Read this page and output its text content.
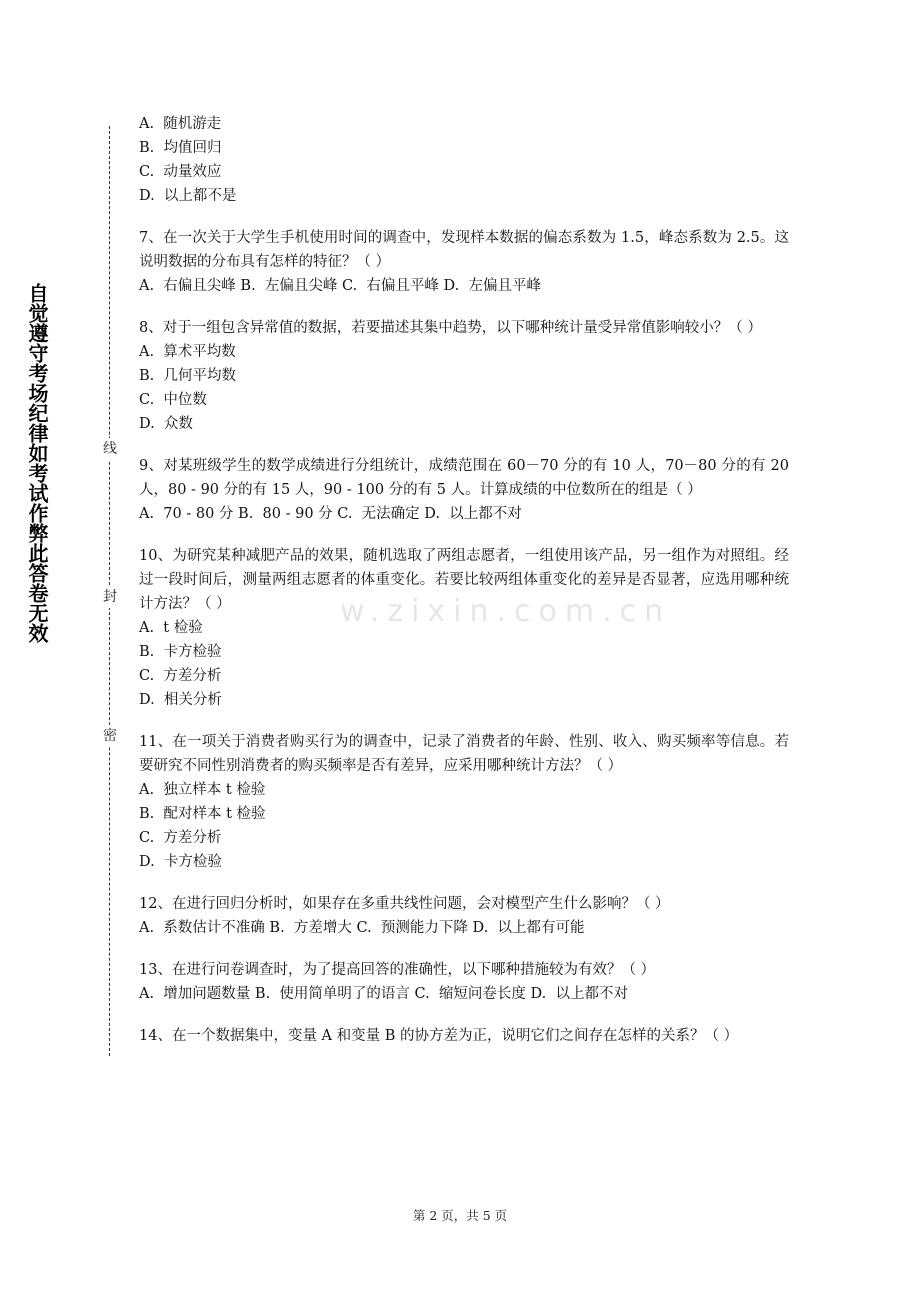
自觉遵守考场纪律如考试作弊此答卷无效	线
封
密
w.zixin.com.cn
A.  随机游走
B.  均值回归
C.  动量效应
D.  以上都不是
7、在一次关于大学生手机使用时间的调查中，发现样本数据的偏态系数为 1.5，峰态系数为 2.5。这说明数据的分布具有怎样的特征？（ ）
A.  右偏且尖峰 B.  左偏且尖峰 C.  右偏且平峰 D.  左偏且平峰
8、对于一组包含异常值的数据，若要描述其集中趋势，以下哪种统计量受异常值影响较小？（ ）
A.  算术平均数
B.  几何平均数
C.  中位数
D.  众数
9、对某班级学生的数学成绩进行分组统计，成绩范围在 60－70 分的有 10 人，70－80 分的有 20 人，80 - 90 分的有 15 人，90 - 100 分的有 5 人。计算成绩的中位数所在的组是（ ）
A.  70 - 80 分 B.  80 - 90 分 C.  无法确定 D.  以上都不对
10、为研究某种减肥产品的效果，随机选取了两组志愿者，一组使用该产品，另一组作为对照组。经过一段时间后，测量两组志愿者的体重变化。若要比较两组体重变化的差异是否显著，应选用哪种统计方法？（ ）
A.  t 检验
B.  卡方检验
C.  方差分析
D.  相关分析
11、在一项关于消费者购买行为的调查中，记录了消费者的年龄、性别、收入、购买频率等信息。若要研究不同性别消费者的购买频率是否有差异，应采用哪种统计方法？（ ）
A.  独立样本 t 检验
B.  配对样本 t 检验
C.  方差分析
D.  卡方检验
12、在进行回归分析时，如果存在多重共线性问题，会对模型产生什么影响？（ ）
A.  系数估计不准确 B.  方差增大 C.  预测能力下降 D.  以上都有可能
13、在进行问卷调查时，为了提高回答的准确性，以下哪种措施较为有效？（ ）
A.  增加问题数量 B.  使用简单明了的语言 C.  缩短问卷长度 D.  以上都不对
14、在一个数据集中，变量 A 和变量 B 的协方差为正，说明它们之间存在怎样的关系？（ ）
第 2 页，共 5 页
